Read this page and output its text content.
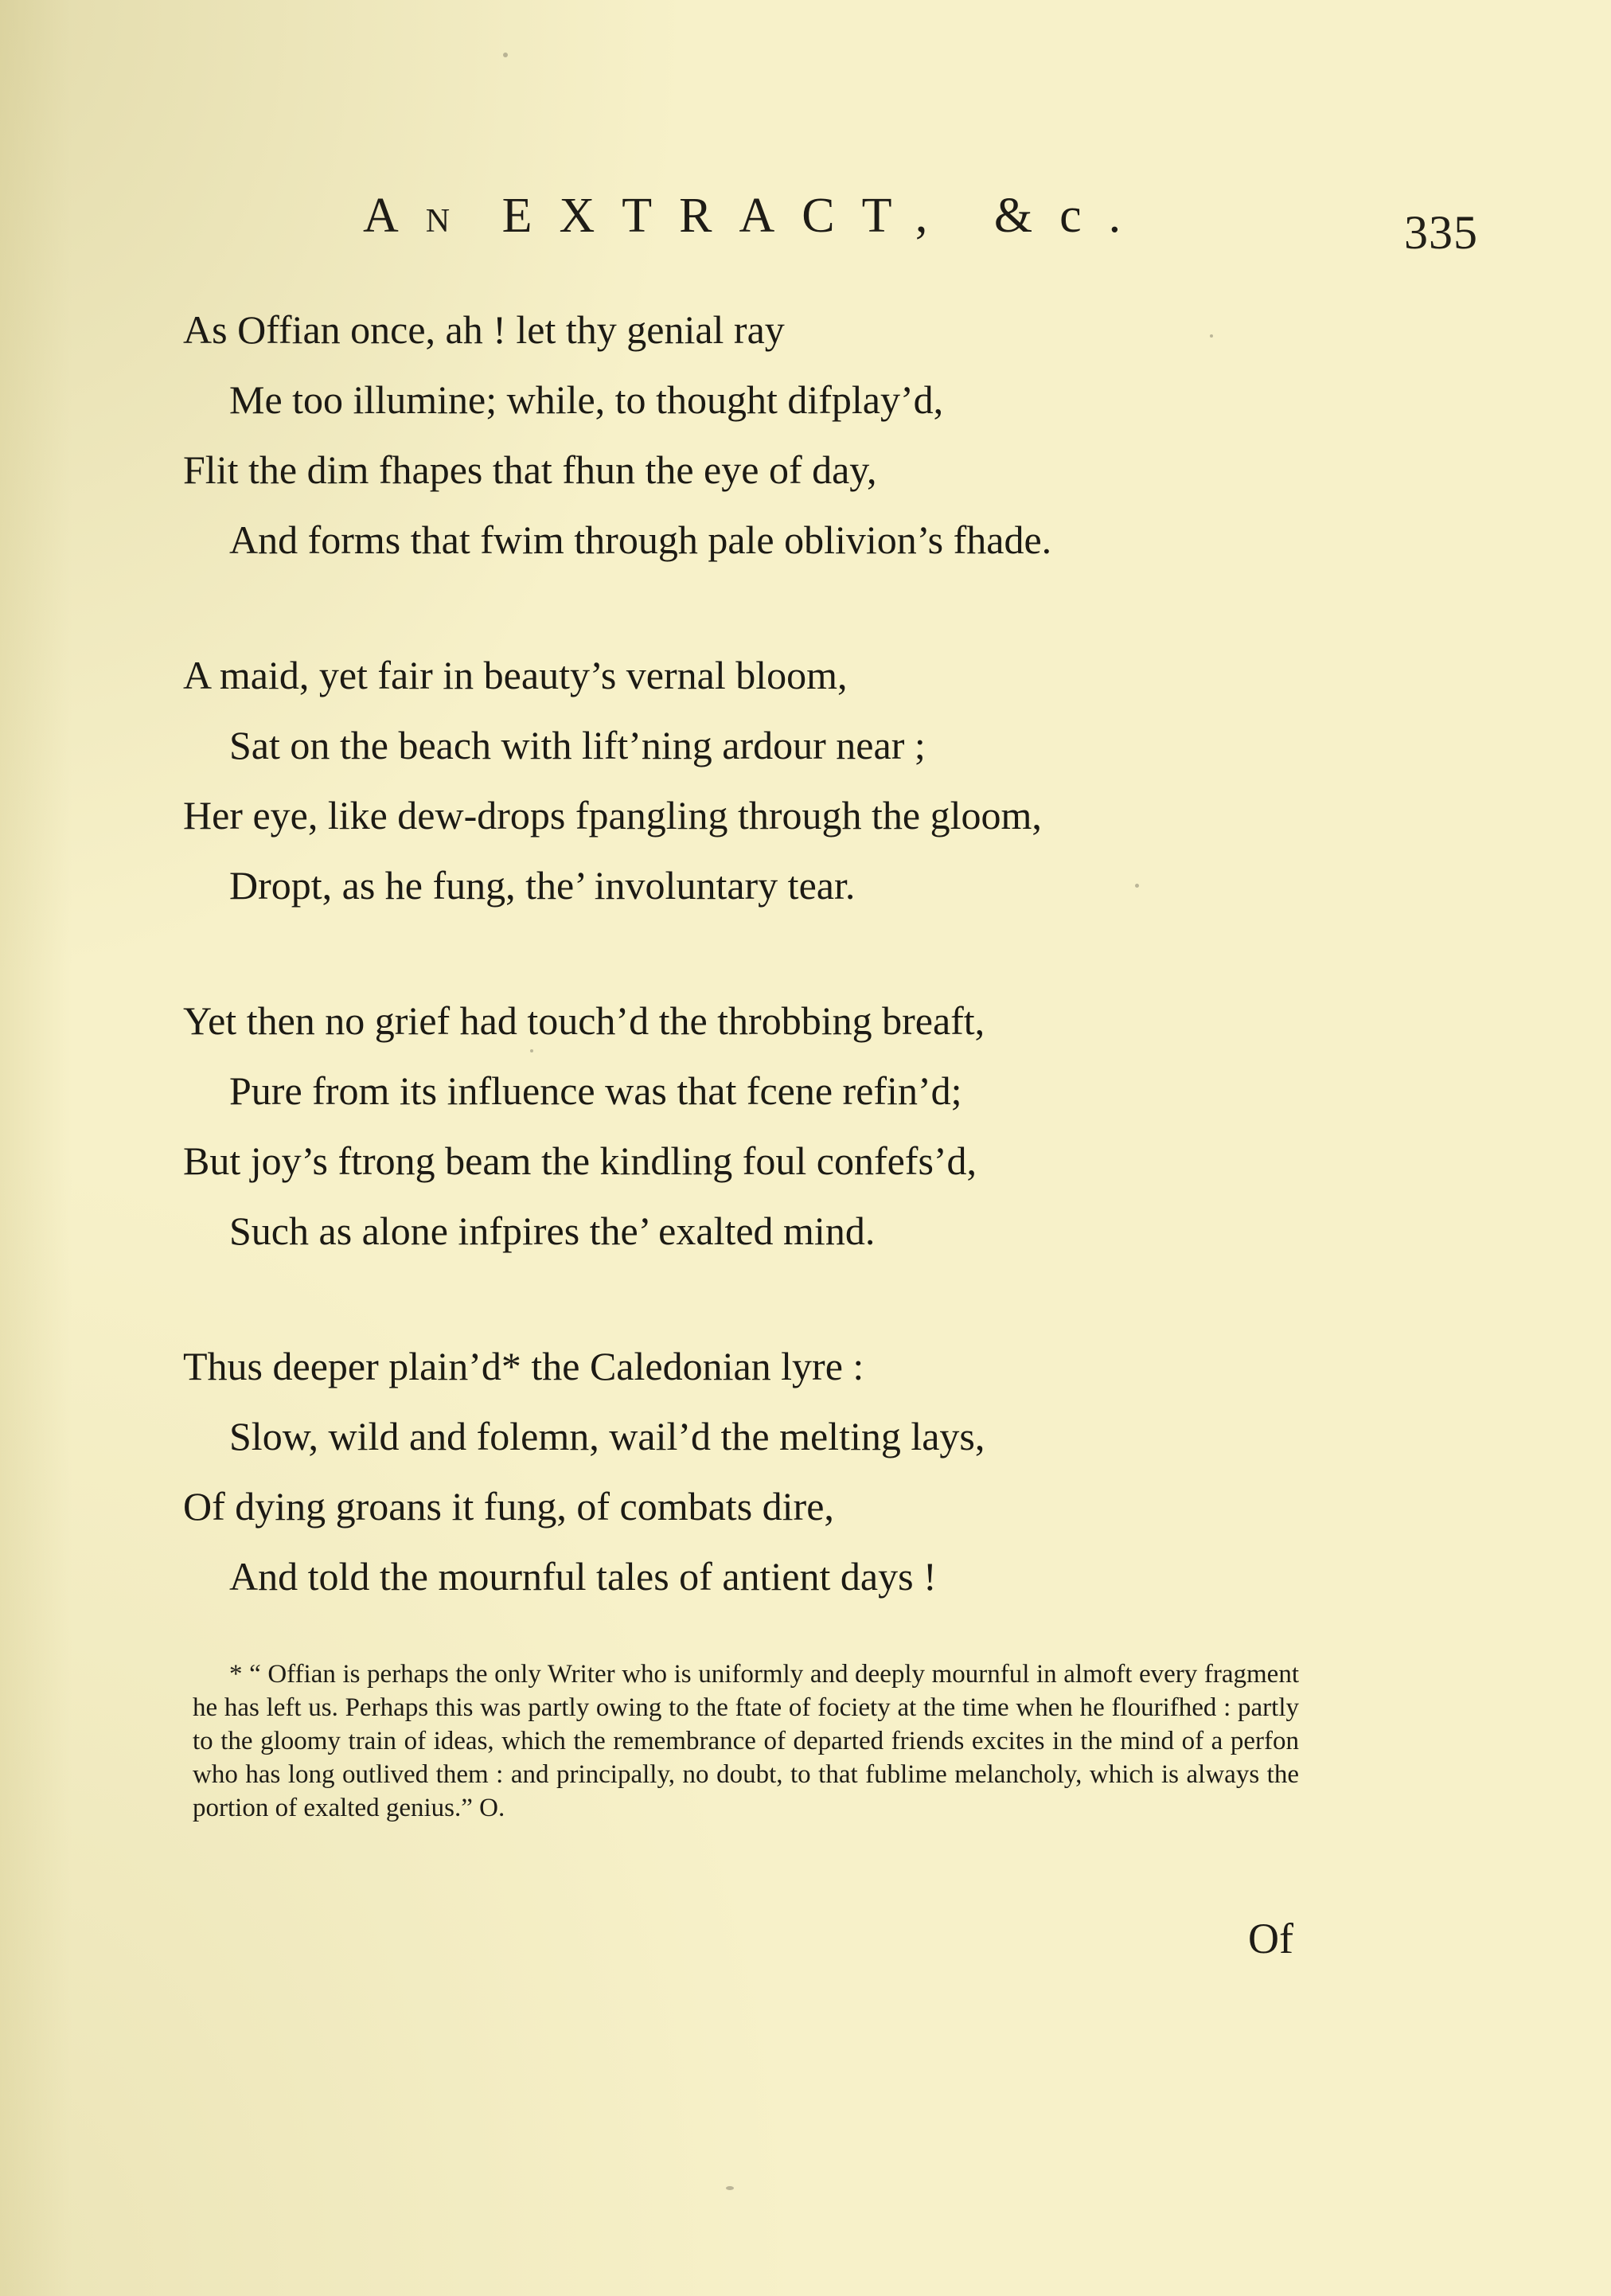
AN EXTRACT, &c.	335
As Offian once, ah ! let thy genial ray
Me too illumine; while, to thought difplay’d,
Flit the dim fhapes that fhun the eye of day,
And forms that fwim through pale oblivion’s fhade.
A maid, yet fair in beauty’s vernal bloom,
Sat on the beach with lift’ning ardour near ;
Her eye, like dew-drops fpangling through the gloom,
Dropt, as he fung, the’ involuntary tear.
Yet then no grief had touch’d the throbbing breaft,
Pure from its influence was that fcene refin’d;
But joy’s ftrong beam the kindling foul confefs’d,
Such as alone infpires the’ exalted mind.
Thus deeper plain’d* the Caledonian lyre :
Slow, wild and folemn, wail’d the melting lays,
Of dying groans it fung, of combats dire,
And told the mournful tales of antient days !
* “ Offian is perhaps the only Writer who is uniformly and deeply mournful in almoft every fragment he has left us. Perhaps this was partly owing to the ftate of fociety at the time when he flourifhed : partly to the gloomy train of ideas, which the remembrance of departed friends excites in the mind of a perfon who has long outlived them : and principally, no doubt, to that fublime melancholy, which is always the portion of exalted genius.” O.
Of
